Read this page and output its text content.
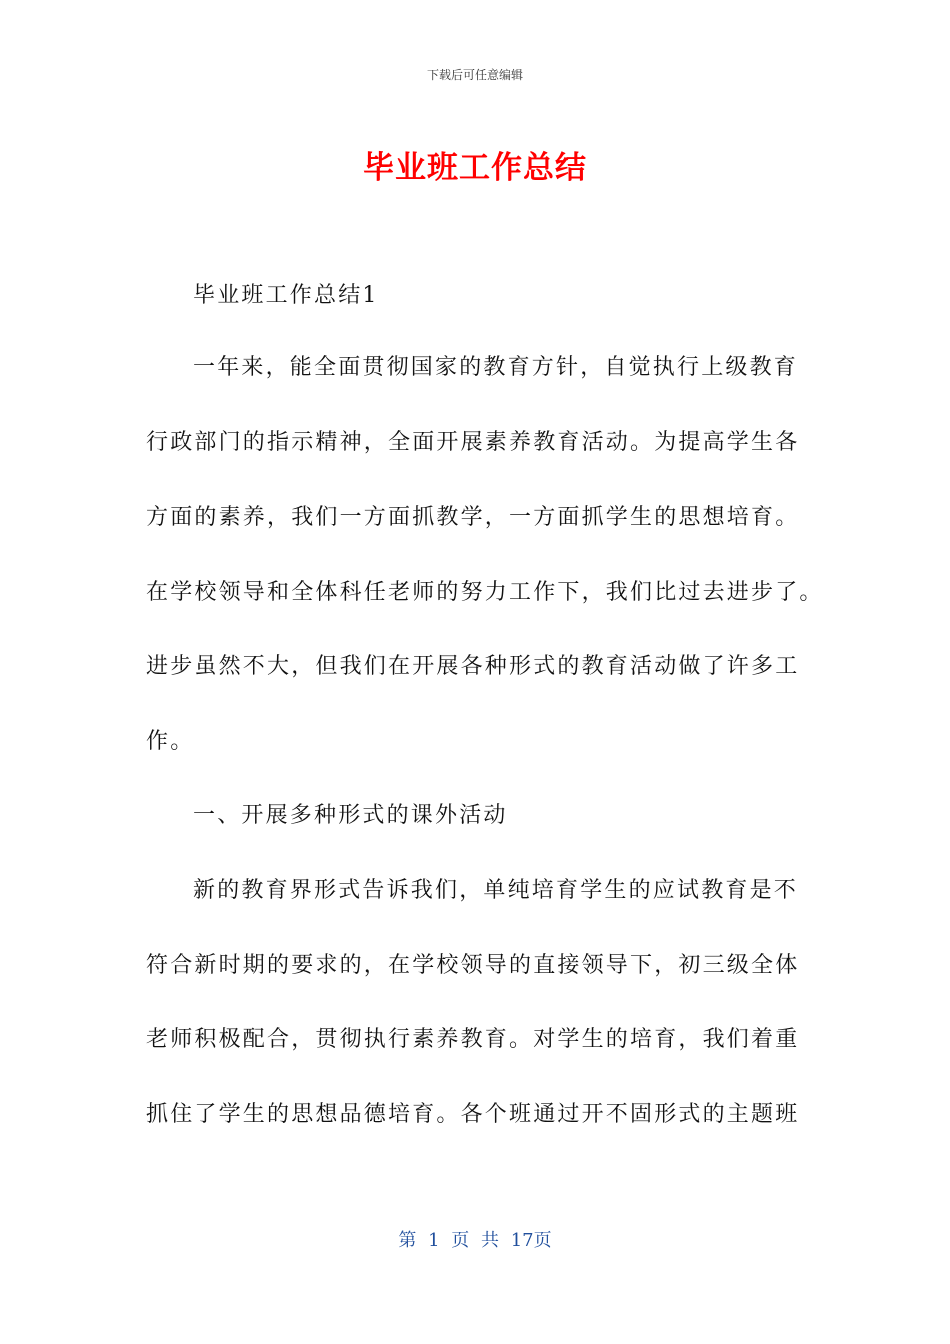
下载后可任意编辑
毕业班工作总结
毕业班工作总结1
一年来，能全面贯彻国家的教育方针，自觉执行上级教育
行政部门的指示精神，全面开展素养教育活动。为提高学生各
方面的素养，我们一方面抓教学，一方面抓学生的思想培育。
在学校领导和全体科任老师的努力工作下，我们比过去进步了。
进步虽然不大，但我们在开展各种形式的教育活动做了许多工
作。
一、开展多种形式的课外活动
新的教育界形式告诉我们，单纯培育学生的应试教育是不
符合新时期的要求的，在学校领导的直接领导下，初三级全体
老师积极配合，贯彻执行素养教育。对学生的培育，我们着重
抓住了学生的思想品德培育。各个班通过开不固形式的主题班
第 1 页 共 17页
